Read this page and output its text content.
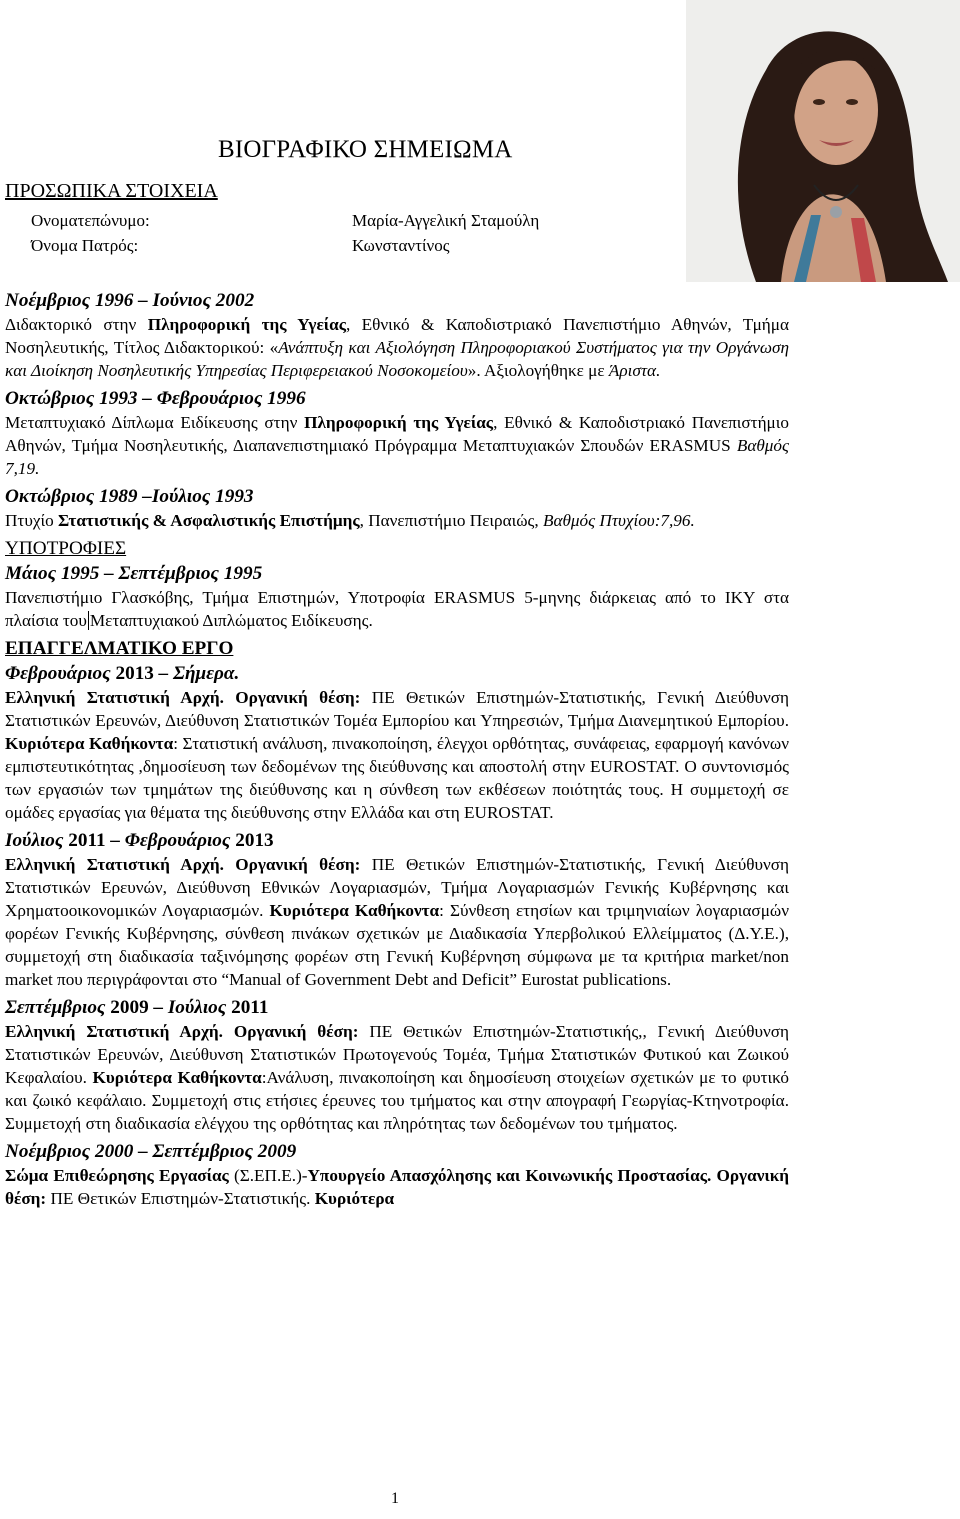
ΒΙΟΓΡΑΦΙΚΟ ΣΗΜΕΙΩΜΑ
ΠΡΟΣΩΠΙΚΑ ΣΤΟΙΧΕΙΑ
Ονοματεπώνυμο:	Μαρία-Αγγελική Σταμούλη
Όνομα Πατρός:	Κωνσταντίνος

Νοέμβριος 1996 – Ιούνιος 2002

Διδακτορικό στην Πληροφορική της Υγείας, Εθνικό & Καποδιστριακό Πανεπιστήμιο Αθηνών, Τμήμα Νοσηλευτικής, Τίτλος Διδακτορικού: «Ανάπτυξη και Αξιολόγηση Πληροφοριακού Συστήματος για την Οργάνωση και Διοίκηση Νοσηλευτικής Υπηρεσίας Περιφερειακού Νοσοκομείου». Αξιολογήθηκε με Άριστα.

Οκτώβριος 1993 – Φεβρουάριος 1996

Μεταπτυχιακό Δίπλωμα Ειδίκευσης στην Πληροφορική της Υγείας, Εθνικό & Καποδιστριακό Πανεπιστήμιο Αθηνών, Τμήμα Νοσηλευτικής, Διαπανεπιστημιακό Πρόγραμμα Μεταπτυχιακών Σπουδών ERASMUS Βαθμός 7,19.

Οκτώβριος 1989 –Ιούλιος 1993

Πτυχίο Στατιστικής & Ασφαλιστικής Επιστήμης, Πανεπιστήμιο Πειραιώς, Βαθμός Πτυχίου:7,96.

ΥΠΟΤΡΟΦΙΕΣ

Μάιος 1995 – Σεπτέμβριος 1995

Πανεπιστήμιο Γλασκόβης, Τμήμα Επιστημών, Υποτροφία ERASMUS 5-μηνης διάρκειας από το ΙΚΥ στα πλαίσια του Μεταπτυχιακού Διπλώματος Ειδίκευσης.

ΕΠΑΓΓΕΛΜΑΤΙΚΟ ΕΡΓΟ

Φεβρουάριος 2013 – Σήμερα.

Ελληνική Στατιστική Αρχή. Οργανική θέση: ΠΕ Θετικών Επιστημών-Στατιστικής, Γενική Διεύθυνση Στατιστικών Ερευνών, Διεύθυνση Στατιστικών Τομέα Εμπορίου και Υπηρεσιών, Τμήμα Διανεμητικού Εμπορίου. Κυριότερα Καθήκοντα: Στατιστική ανάλυση, πινακοποίηση, έλεγχοι ορθότητας, συνάφειας, εφαρμογή κανόνων εμπιστευτικότητας ,δημοσίευση των δεδομένων της διεύθυνσης και αποστολή στην EUROSTAT. Ο συντονισμός των εργασιών των τμημάτων της διεύθυνσης και η σύνθεση των εκθέσεων ποιότητάς τους. Η συμμετοχή σε ομάδες εργασίας για θέματα της διεύθυνσης στην Ελλάδα και στη EUROSTAT.

Ιούλιος 2011 – Φεβρουάριος 2013

Ελληνική Στατιστική Αρχή. Οργανική θέση: ΠΕ Θετικών Επιστημών-Στατιστικής, Γενική Διεύθυνση Στατιστικών Ερευνών, Διεύθυνση Εθνικών Λογαριασμών, Τμήμα Λογαριασμών Γενικής Κυβέρνησης και Χρηματοοικονομικών Λογαριασμών. Κυριότερα Καθήκοντα: Σύνθεση ετησίων και τριμηνιαίων λογαριασμών φορέων Γενικής Κυβέρνησης, σύνθεση πινάκων σχετικών με Διαδικασία Υπερβολικού Ελλείμματος (Δ.Υ.Ε.), συμμετοχή στη διαδικασία ταξινόμησης φορέων στη Γενική Κυβέρνηση σύμφωνα με τα κριτήρια market/non market που περιγράφονται στο “Manual of Government Debt and Deficit” Eurostat publications.

Σεπτέμβριος 2009 – Ιούλιος 2011

Ελληνική Στατιστική Αρχή. Οργανική θέση: ΠΕ Θετικών Επιστημών-Στατιστικής,, Γενική Διεύθυνση Στατιστικών Ερευνών, Διεύθυνση Στατιστικών Πρωτογενούς Τομέα, Τμήμα Στατιστικών Φυτικού και Ζωικού Κεφαλαίου. Κυριότερα Καθήκοντα:Ανάλυση, πινακοποίηση και δημοσίευση στοιχείων σχετικών με το φυτικό και ζωικό κεφάλαιο. Συμμετοχή στις ετήσιες έρευνες του τμήματος και στην απογραφή Γεωργίας-Κτηνοτροφία. Συμμετοχή στη διαδικασία ελέγχου της ορθότητας και πληρότητας των δεδομένων του τμήματος.

Νοέμβριος 2000 – Σεπτέμβριος 2009

Σώμα Επιθεώρησης Εργασίας (Σ.ΕΠ.Ε.)-Υπουργείο Απασχόλησης και Κοινωνικής Προστασίας. Οργανική θέση: ΠΕ Θετικών Επιστημών-Στατιστικής. Κυριότερα

1
